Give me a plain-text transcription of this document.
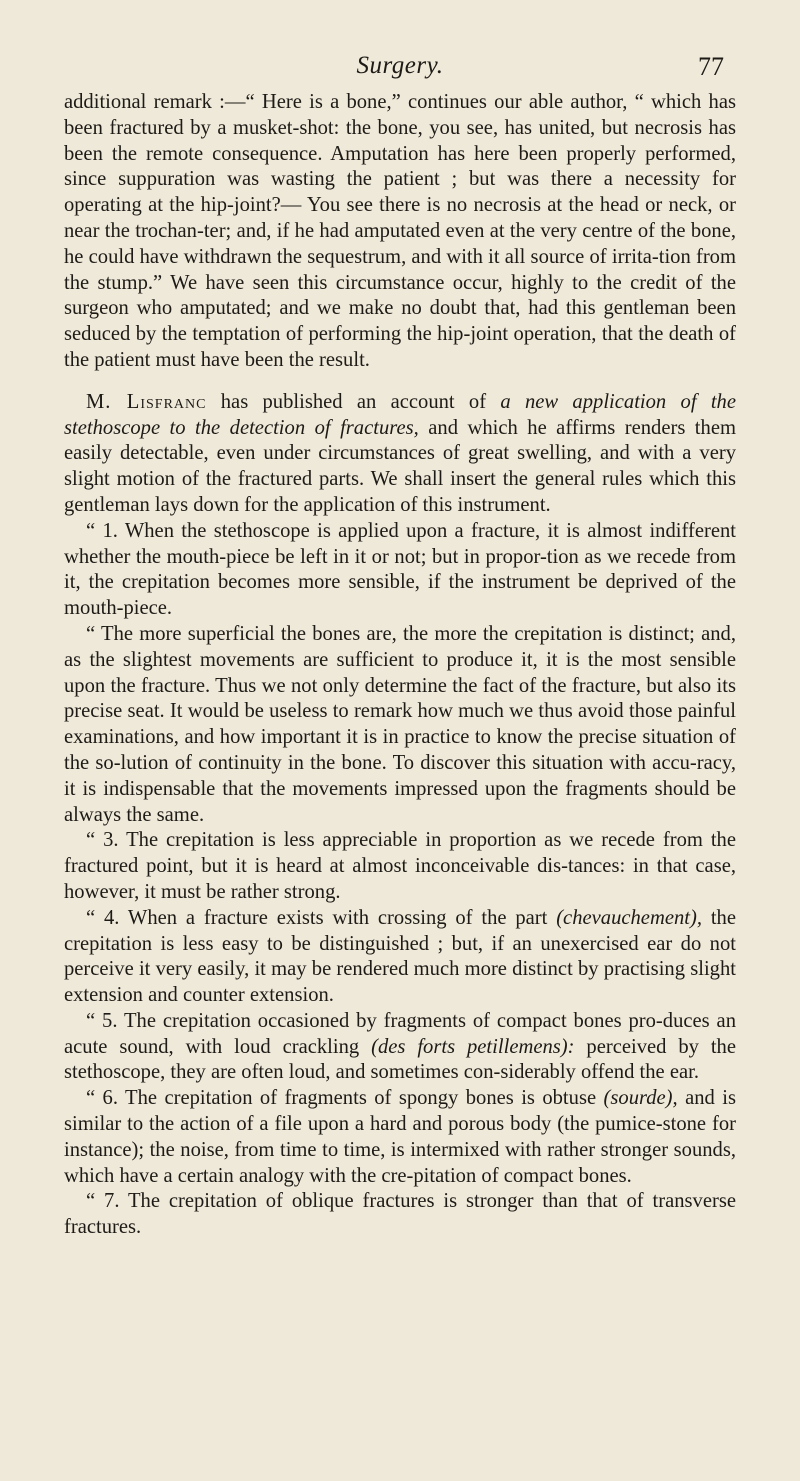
Surgery.	77

additional remark :—“ Here is a bone,” continues our able author, “ which has been fractured by a musket-shot: the bone, you see, has united, but necrosis has been the remote consequence. Amputation has here been properly performed, since suppuration was wasting the patient ; but was there a necessity for operating at the hip-joint?— You see there is no necrosis at the head or neck, or near the trochan-ter; and, if he had amputated even at the very centre of the bone, he could have withdrawn the sequestrum, and with it all source of irrita-tion from the stump.” We have seen this circumstance occur, highly to the credit of the surgeon who amputated; and we make no doubt that, had this gentleman been seduced by the temptation of performing the hip-joint operation, that the death of the patient must have been the result.

M. Lisfranc has published an account of a new application of the stethoscope to the detection of fractures, and which he affirms renders them easily detectable, even under circumstances of great swelling, and with a very slight motion of the fractured parts. We shall insert the general rules which this gentleman lays down for the application of this instrument.

“ 1. When the stethoscope is applied upon a fracture, it is almost indifferent whether the mouth-piece be left in it or not; but in propor-tion as we recede from it, the crepitation becomes more sensible, if the instrument be deprived of the mouth-piece.

“ The more superficial the bones are, the more the crepitation is distinct; and, as the slightest movements are sufficient to produce it, it is the most sensible upon the fracture. Thus we not only determine the fact of the fracture, but also its precise seat. It would be useless to remark how much we thus avoid those painful examinations, and how important it is in practice to know the precise situation of the so-lution of continuity in the bone. To discover this situation with accu-racy, it is indispensable that the movements impressed upon the fragments should be always the same.

“ 3. The crepitation is less appreciable in proportion as we recede from the fractured point, but it is heard at almost inconceivable dis-tances: in that case, however, it must be rather strong.

“ 4. When a fracture exists with crossing of the part (chevauchement), the crepitation is less easy to be distinguished ; but, if an unexercised ear do not perceive it very easily, it may be rendered much more distinct by practising slight extension and counter extension.

“ 5. The crepitation occasioned by fragments of compact bones pro-duces an acute sound, with loud crackling (des forts petillemens): perceived by the stethoscope, they are often loud, and sometimes con-siderably offend the ear.

“ 6. The crepitation of fragments of spongy bones is obtuse (sourde), and is similar to the action of a file upon a hard and porous body (the pumice-stone for instance); the noise, from time to time, is intermixed with rather stronger sounds, which have a certain analogy with the cre-pitation of compact bones.

“ 7. The crepitation of oblique fractures is stronger than that of transverse fractures.
